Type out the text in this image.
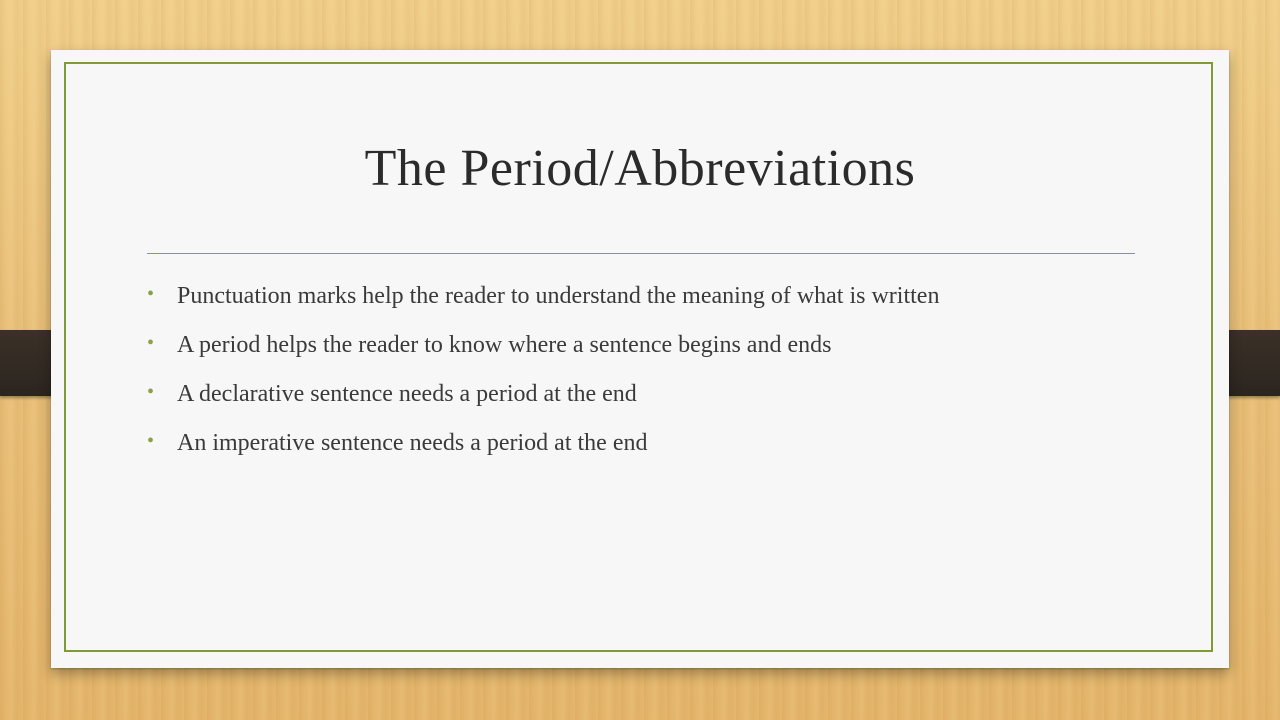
The Period/Abbreviations
• Punctuation marks help the reader to understand the meaning of what is written
• A period helps the reader to know where a sentence begins and ends
• A declarative sentence needs a period at the end
• An imperative sentence needs a period at the end
